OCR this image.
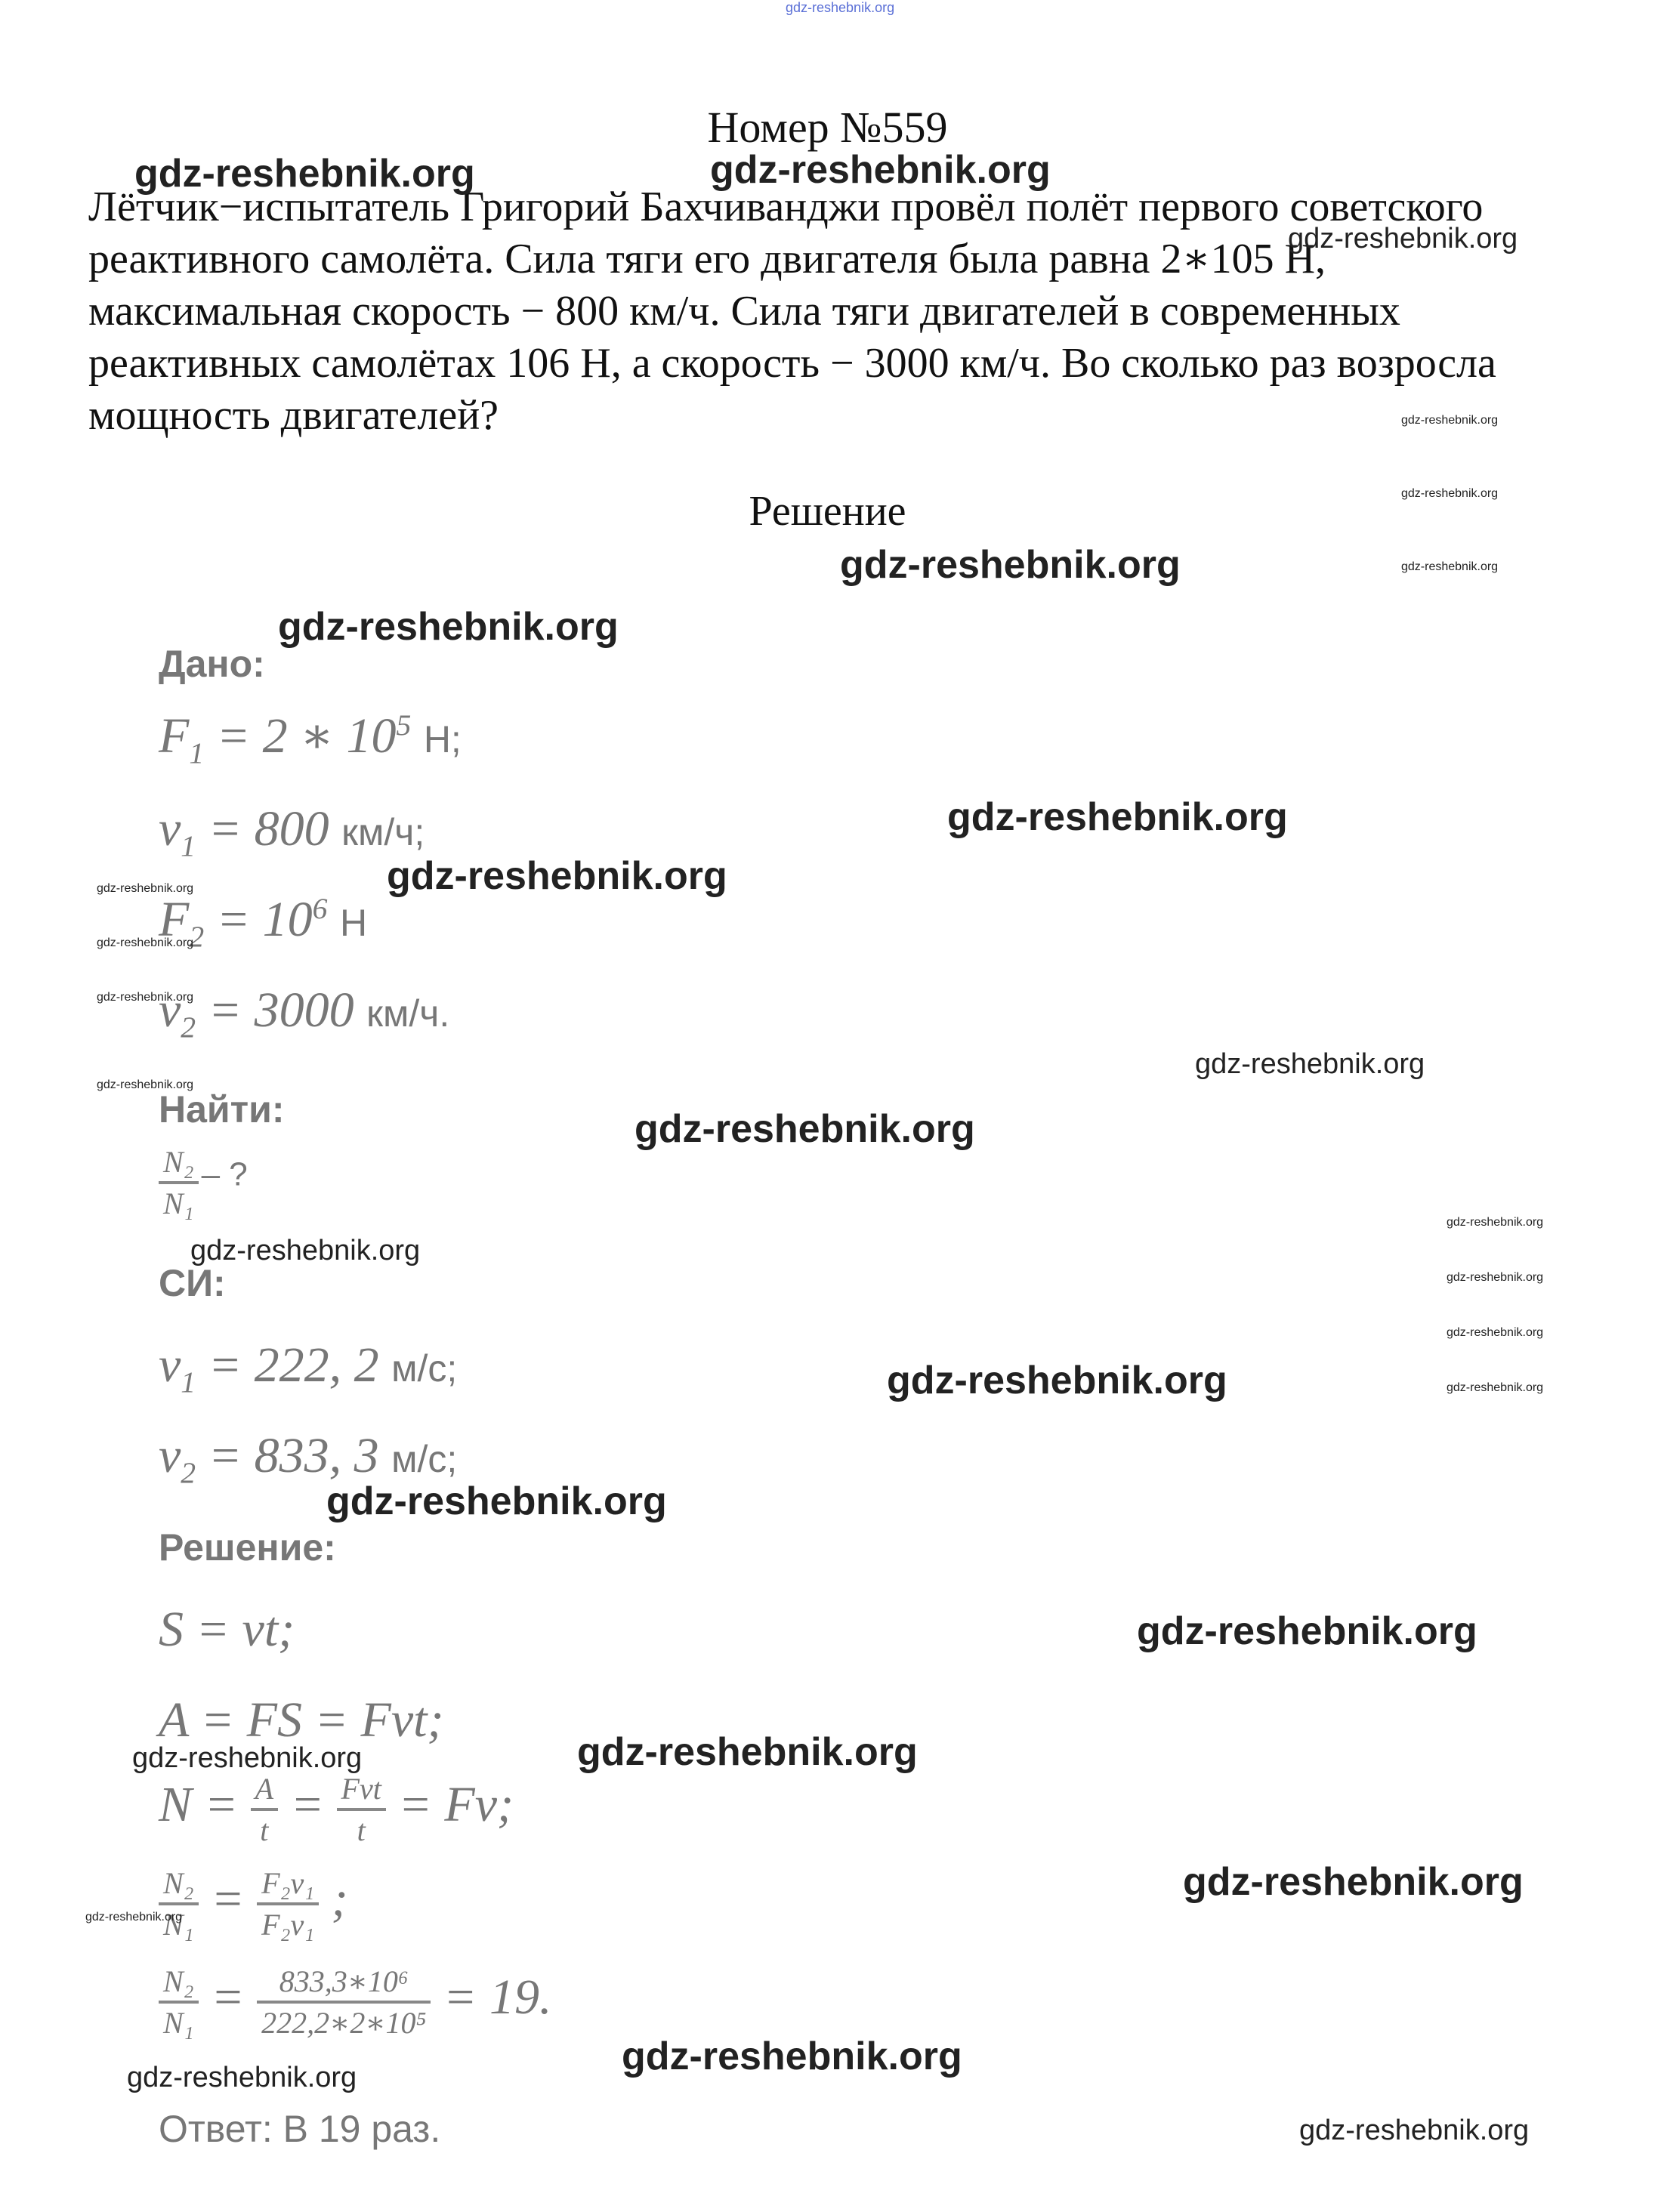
gdz-reshebnik.org
Номер №559
Лётчик−испытатель Григорий Бахчиванджи провёл полёт первого советского реактивного самолёта. Сила тяги его двигателя была равна 2∗105 Н, максимальная скорость − 800 км/ч. Сила тяги двигателей в современных реактивных самолётах 106 Н, а скорость − 3000 км/ч. Во сколько раз возросла мощность двигателей?
Решение
Дано:
$F_1 = 2$ ∗ $10^5$ Н;
$v_1 = 800$ км/ч;
$F_2 = 10^6$ Н
$v_2 = 3000$ км/ч.
Найти:
$\frac{\text{N₂}}{\text{N₁}}$ – ?
СИ:
$v_1 = 222$, 2 м/с;
$v_2 = 833$, 3 м/с;
Решение:
S = vt;
A = FS = Fvt;
$N = \frac{A}{t} = \frac{\text{Fvt}}{t} = Fv$;
$\frac{\text{N₂}}{\text{N₁}} = \frac{\text{F₂v₁}}{\text{F₂v₁}}$ ;
$\frac{\text{N₂}}{\text{N₁}} = \frac{\text{833,3∗10⁶}}{\text{222,2∗2∗10⁵}} = 19$.
Ответ: В 19 раз.
gdz-reshebnik.org	gdz-reshebnik.org
gdz-reshebnik.org
gdz-reshebnik.org
gdz-reshebnik.org
gdz-reshebnik.org
gdz-reshebnik.org
gdz-reshebnik.org
gdz-reshebnik.org
gdz-reshebnik.org
gdz-reshebnik.org
gdz-reshebnik.org
gdz-reshebnik.org
gdz-reshebnik.org
gdz-reshebnik.org
gdz-reshebnik.org
gdz-reshebnik.org
gdz-reshebnik.org
gdz-reshebnik.org
gdz-reshebnik.org
gdz-reshebnik.org	gdz-reshebnik.org
gdz-reshebnik.org
gdz-reshebnik.org
gdz-reshebnik.org
gdz-reshebnik.org
gdz-reshebnik.org
gdz-reshebnik.org
gdz-reshebnik.org
gdz-reshebnik.org
gdz-reshebnik.org
